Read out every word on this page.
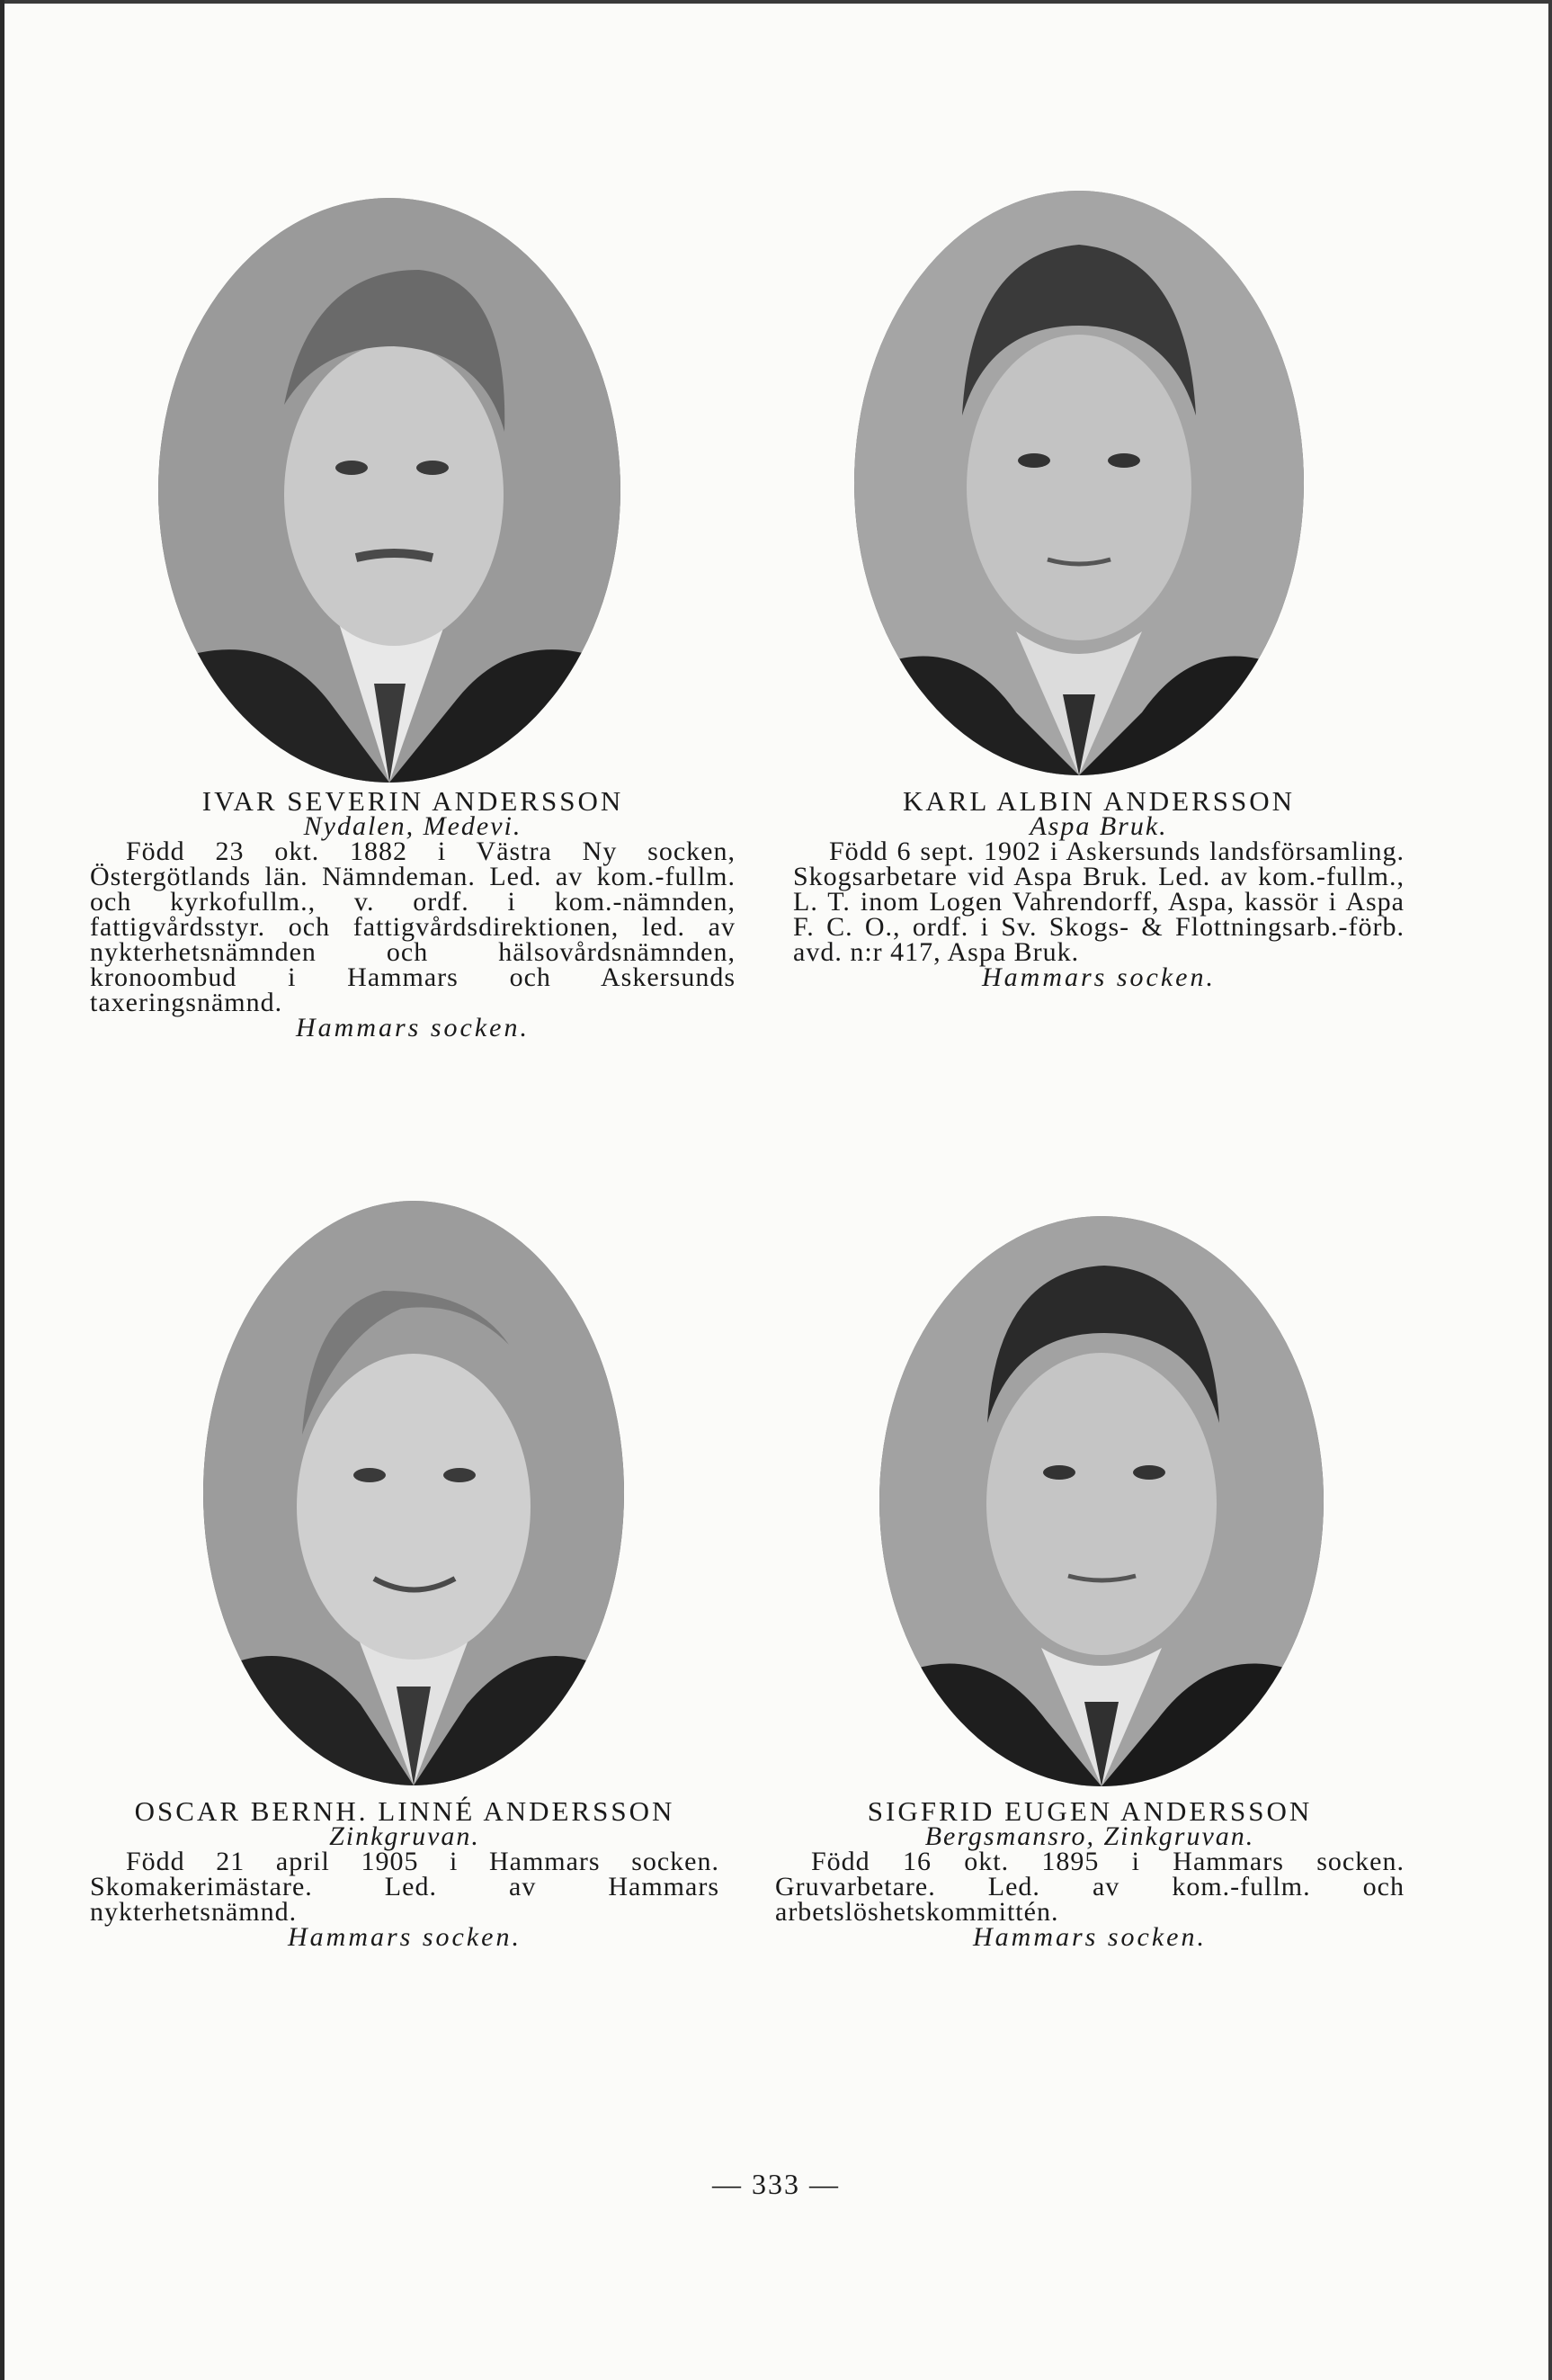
IVAR SEVERIN ANDERSSON
Nydalen, Medevi.

Född 23 okt. 1882 i Västra Ny socken, Östergötlands län. Nämndeman. Led. av kom.-fullm. och kyrkofullm., v. ordf. i kom.-nämnden, fattigvårdsstyr. och fattigvårdsdirektionen, led. av nykterhetsnämnden och hälsovårdsnämnden, kronoombud i Hammars och Askersunds taxeringsnämnd.

Hammars socken.
KARL ALBIN ANDERSSON
Aspa Bruk.

Född 6 sept. 1902 i Askersunds landsförsamling. Skogsarbetare vid Aspa Bruk. Led. av kom.-fullm., L. T. inom Logen Vahrendorff, Aspa, kassör i Aspa F. C. O., ordf. i Sv. Skogs- & Flottningsarb.-förb. avd. n:r 417, Aspa Bruk.

Hammars socken.
OSCAR BERNH. LINNÉ ANDERSSON
Zinkgruvan.

Född 21 april 1905 i Hammars socken. Skomakerimästare. Led. av Hammars nykterhetsnämnd.

Hammars socken.
SIGFRID EUGEN ANDERSSON
Bergsmansro, Zinkgruvan.

Född 16 okt. 1895 i Hammars socken. Gruvarbetare. Led. av kom.-fullm. och arbetslöshetskommittén.

Hammars socken.
— 333 —
